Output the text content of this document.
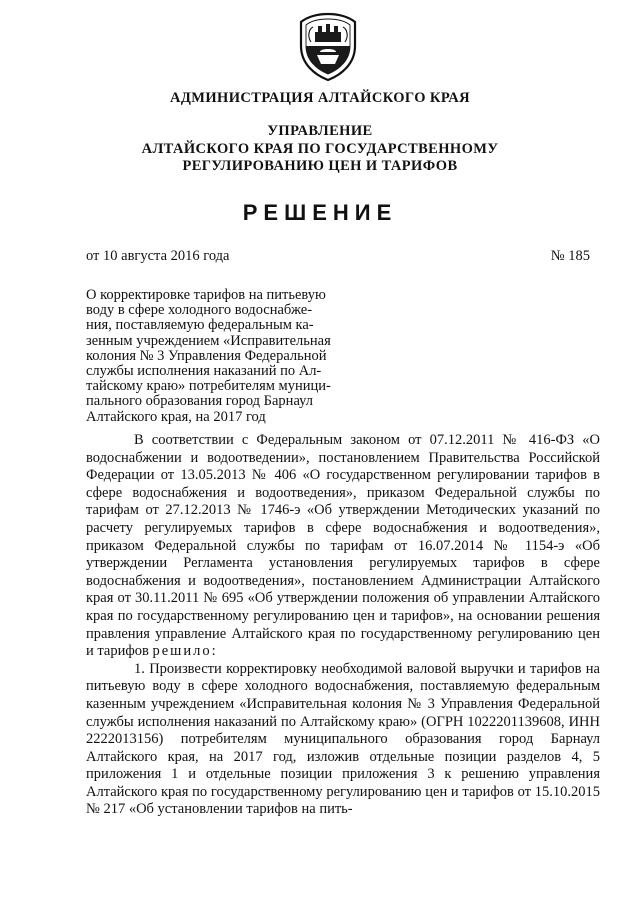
АДМИНИСТРАЦИЯ АЛТАЙСКОГО КРАЯ
УПРАВЛЕНИЕ
АЛТАЙСКОГО КРАЯ ПО ГОСУДАРСТВЕННОМУ
РЕГУЛИРОВАНИЮ ЦЕН И ТАРИФОВ
РЕШЕНИЕ
от 10 августа 2016 года	№ 185
О корректировке тарифов на питьевую
воду в сфере холодного водоснабже-
ния, поставляемую федеральным ка-
зенным учреждением «Исправительная
колония № 3 Управления Федеральной
службы исполнения наказаний по Ал-
тайскому краю» потребителям муници-
пального образования город Барнаул
Алтайского края, на 2017 год

В соответствии с Федеральным законом от 07.12.2011 № 416-ФЗ «О водоснабжении и водоотведении», постановлением Правительства Российской Федерации от 13.05.2013 № 406 «О государственном регулировании тарифов в сфере водоснабжения и водоотведения», приказом Федеральной службы по тарифам от 27.12.2013 № 1746-э «Об утверждении Методических указаний по расчету регулируемых тарифов в сфере водоснабжения и водоотведения», приказом Федеральной службы по тарифам от 16.07.2014 № 1154-э «Об утверждении Регламента установления регулируемых тарифов в сфере водоснабжения и водоотведения», постановлением Администрации Алтайского края от 30.11.2011 № 695 «Об утверждении положения об управлении Алтайского края по государственному регулированию цен и тарифов», на основании решения правления управление Алтайского края по государственному регулированию цен и тарифов решило:

1. Произвести корректировку необходимой валовой выручки и тарифов на питьевую воду в сфере холодного водоснабжения, поставляемую федеральным казенным учреждением «Исправительная колония № 3 Управления Федеральной службы исполнения наказаний по Алтайскому краю» (ОГРН 1022201139608, ИНН 2222013156) потребителям муниципального образования город Барнаул Алтайского края, на 2017 год, изложив отдельные позиции разделов 4, 5 приложения 1 и отдельные позиции приложения 3 к решению управления Алтайского края по государственному регулированию цен и тарифов от 15.10.2015 № 217 «Об установлении тарифов на пить-
